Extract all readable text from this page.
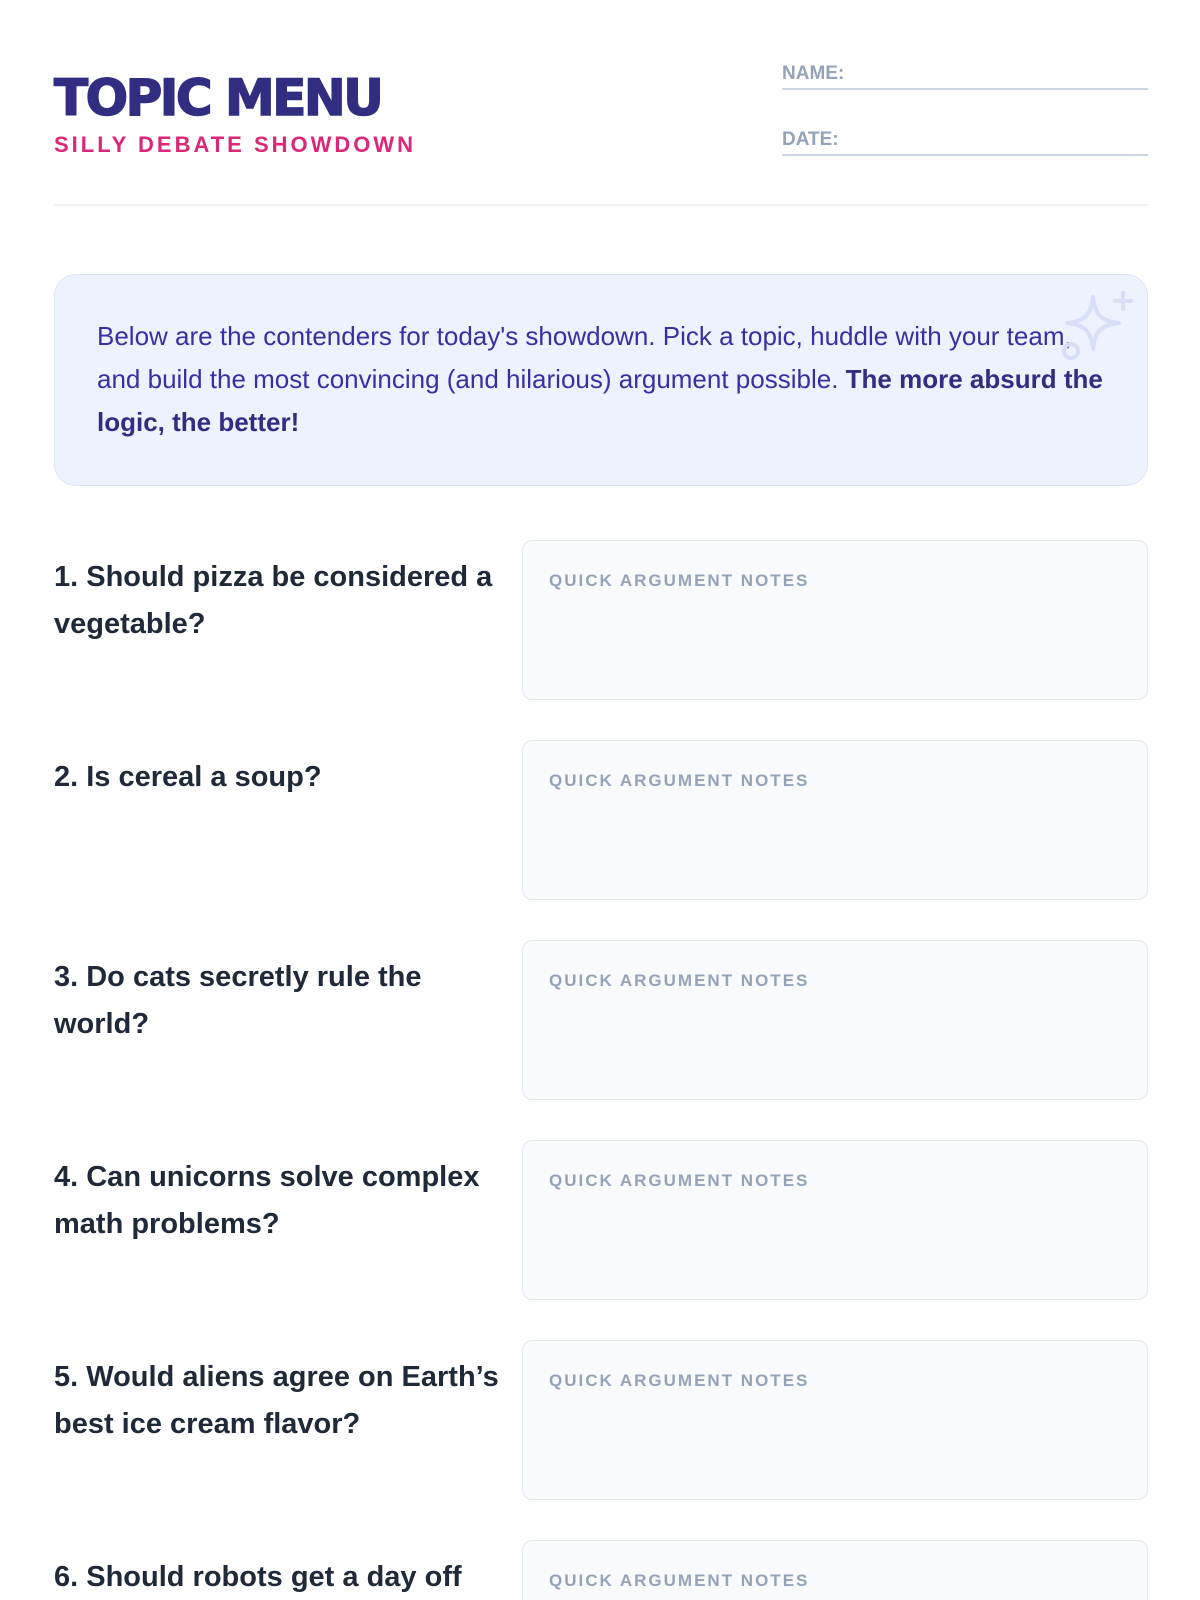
TOPIC MENU
SILLY DEBATE SHOWDOWN
NAME:
DATE:

Below are the contenders for today's showdown. Pick a topic, huddle with your team, and build the most convincing (and hilarious) argument possible. The more absurd the logic, the better!

1. Should pizza be considered a vegetable?
QUICK ARGUMENT NOTES
2. Is cereal a soup?	QUICK ARGUMENT NOTES
3. Do cats secretly rule the world?
QUICK ARGUMENT NOTES
4. Can unicorns solve complex math problems?
QUICK ARGUMENT NOTES
5. Would aliens agree on Earth’s best ice cream flavor?
QUICK ARGUMENT NOTES
6. Should robots get a day off	QUICK ARGUMENT NOTES
